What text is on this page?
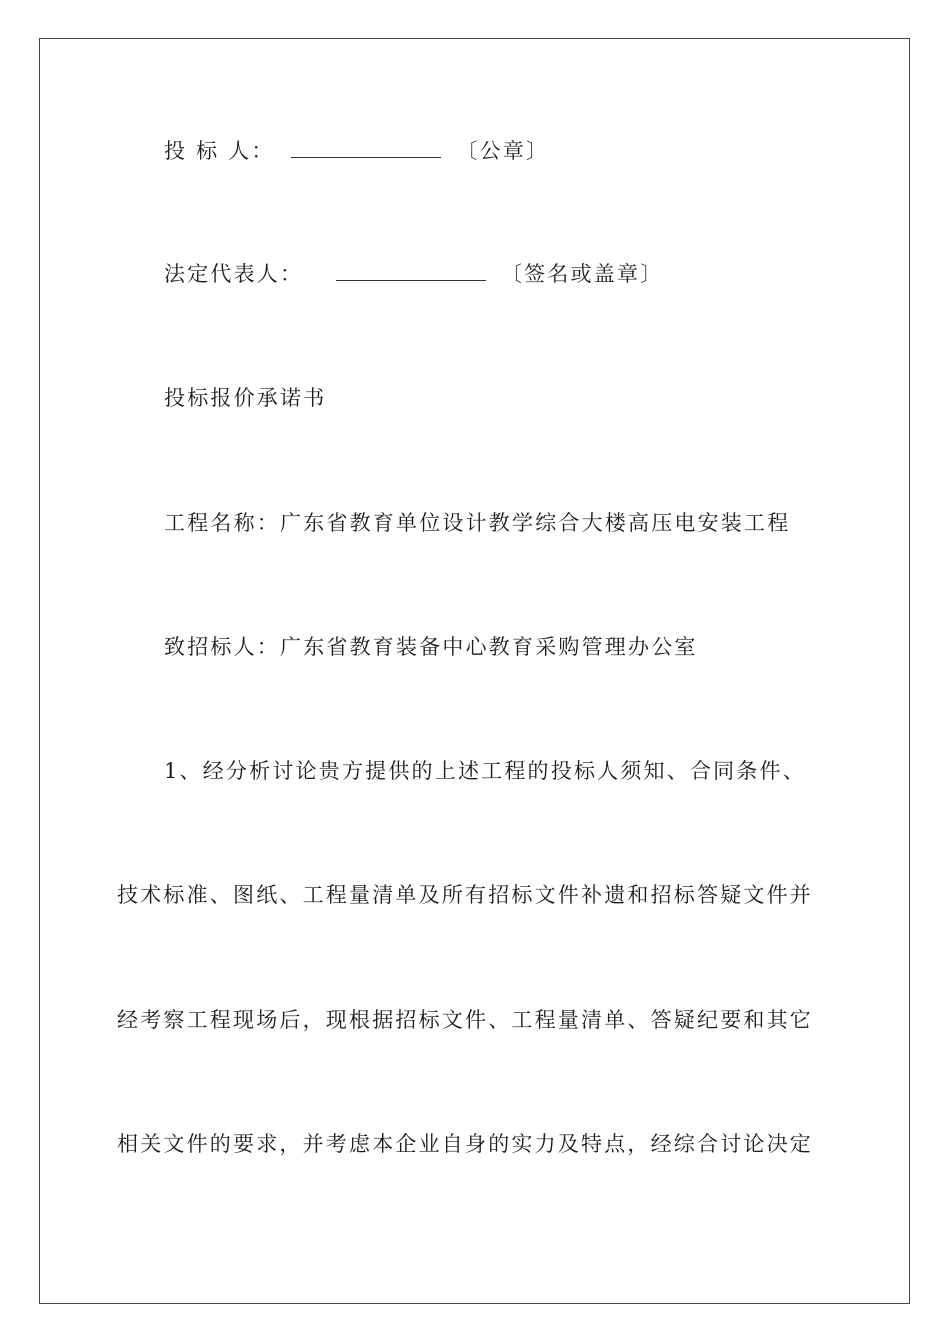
投 标 人：	〔公章〕
法定代表人：	〔签名或盖章〕
投标报价承诺书
工程名称：广东省教育单位设计教学综合大楼高压电安装工程
致招标人：广东省教育装备中心教育采购管理办公室
1、经分析讨论贵方提供的上述工程的投标人须知、合同条件、
技术标准、图纸、工程量清单及所有招标文件补遗和招标答疑文件并
经考察工程现场后，现根据招标文件、工程量清单、答疑纪要和其它
相关文件的要求，并考虑本企业自身的实力及特点，经综合讨论决定
